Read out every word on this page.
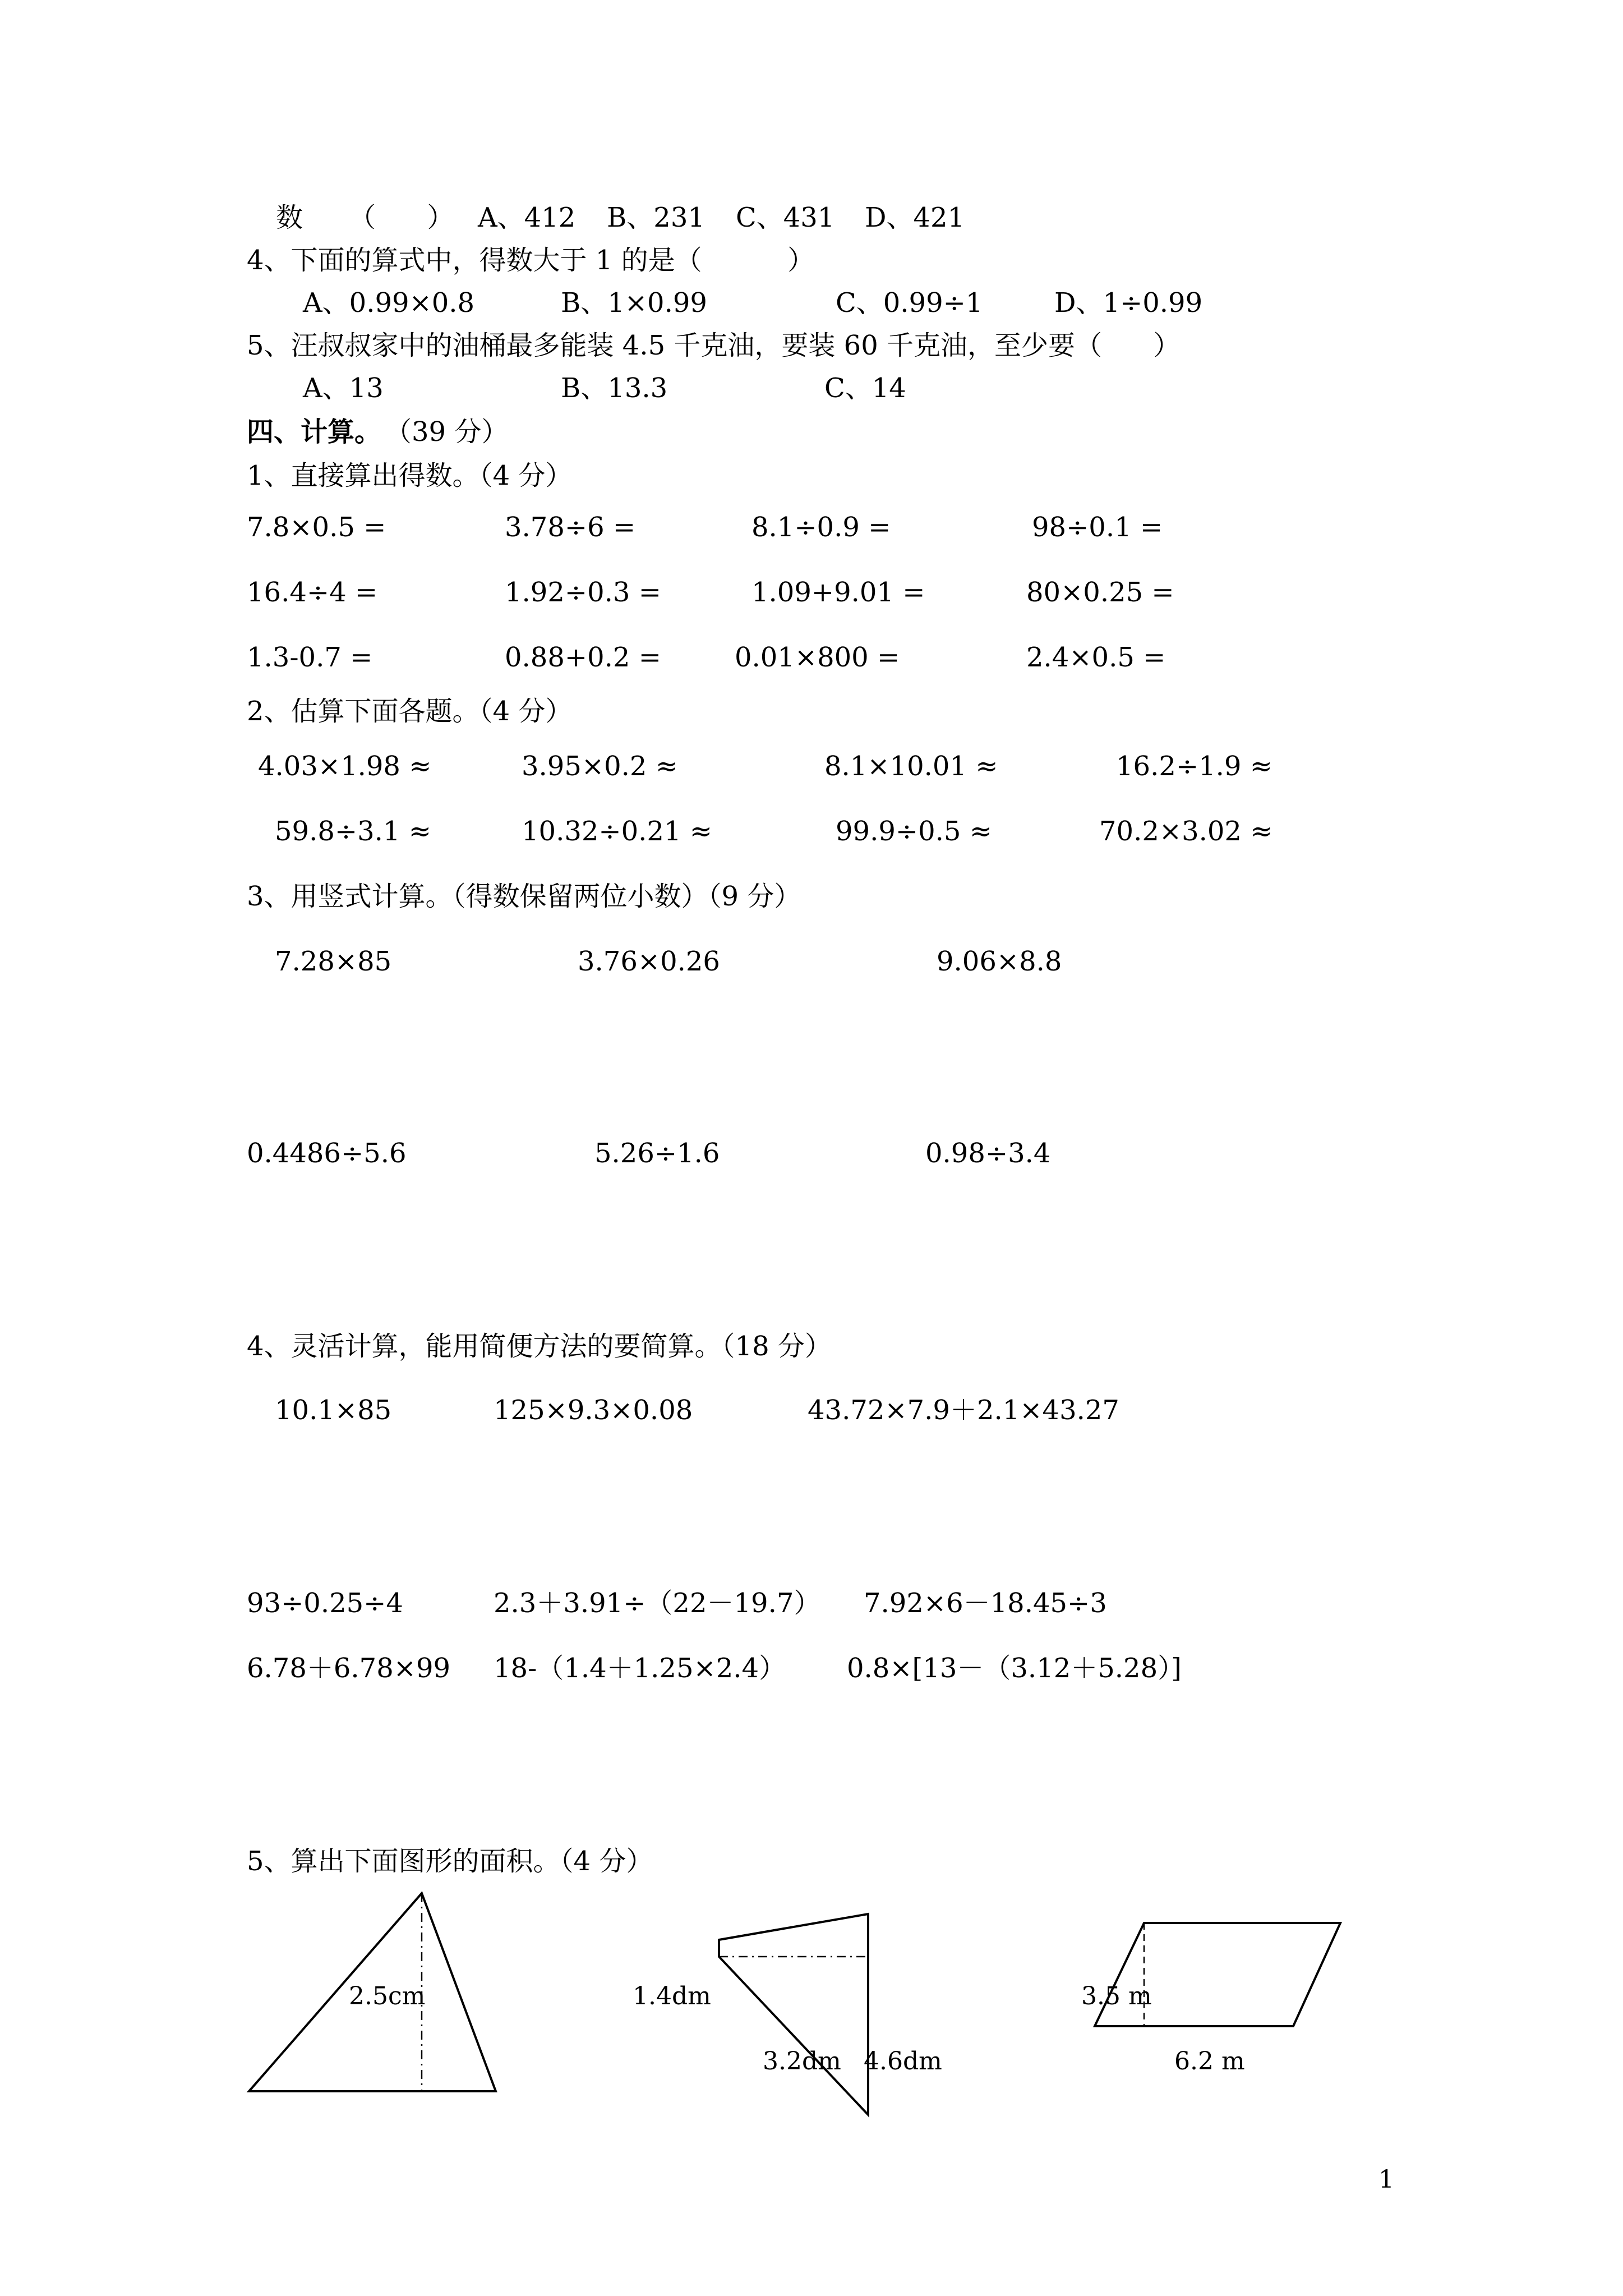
数 （      ） A、412 B、231 C、431 D、421
4、下面的算式中，得数大于 1 的是（          ）
A、0.99×0.8	B、1×0.99	C、0.99÷1	D、1÷0.99
5、汪叔叔家中的油桶最多能装 4.5 千克油，要装 60 千克油，至少要（      ）
A、13	B、13.3	C、14
四、计算。 （39 分）
1、直接算出得数。（4 分）
7.8×0.5 =	3.78÷6 =	8.1÷0.9 =	98÷0.1 =
16.4÷4 =	1.92÷0.3 =	1.09+9.01 =	80×0.25 =
1.3-0.7 =	0.88+0.2 =	0.01×800 =	2.4×0.5 =
2、估算下面各题。（4 分）
4.03×1.98 ≈	3.95×0.2 ≈	8.1×10.01 ≈	16.2÷1.9 ≈
59.8÷3.1 ≈	10.32÷0.21 ≈	99.9÷0.5 ≈	70.2×3.02 ≈
3、用竖式计算。（得数保留两位小数）（9 分）
7.28×85	3.76×0.26	9.06×8.8
0.4486÷5.6	5.26÷1.6	0.98÷3.4
4、灵活计算，能用简便方法的要简算。（18 分）
10.1×85	125×9.3×0.08	43.72×7.9＋2.1×43.27
93÷0.25÷4	2.3＋3.91÷（22－19.7） 7.92×6－18.45÷3
6.78＋6.78×99 18-（1.4＋1.25×2.4） 0.8×[13－（3.12＋5.28）]
5、算出下面图形的面积。（4 分）
2.5cm	1.4dm
3.2dm 4.6dm
3.5 m
6.2 m
1
